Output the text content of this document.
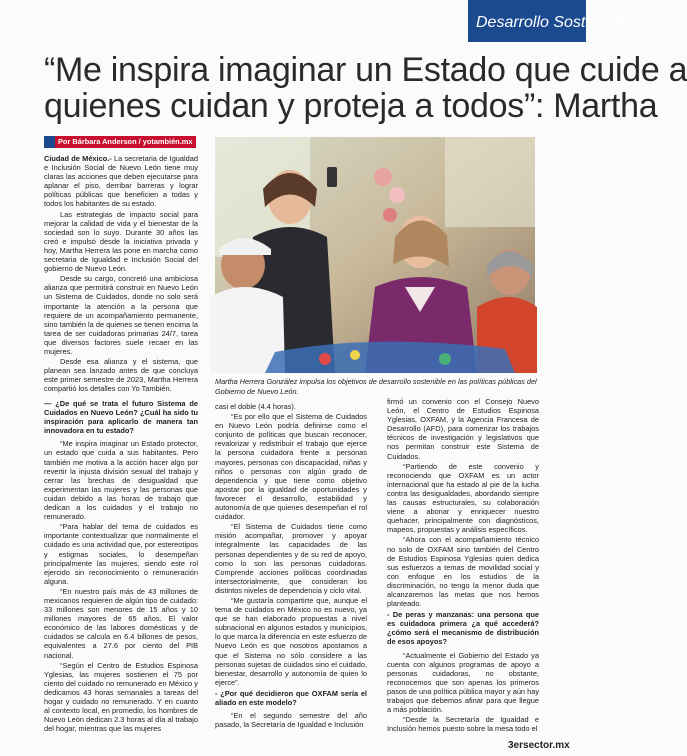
Desarrollo Sostenible
“Me inspira imaginar un Estado que cuide a
quienes cuidan y proteja a todos”: Martha
Por Bárbara Anderson / yotambién.mx

Ciudad de México.- La secretaria de Igualdad e Inclusión Social de Nuevo León tiene muy claras las acciones que deben ejecutarse para aplanar el piso, derribar barreras y lograr políticas públicas que beneficien a todas y todos los habitantes de su estado.

Las estrategias de impacto social para mejorar la calidad de vida y el bienestar de la sociedad son lo suyo. Durante 30 años las creó e impulsó desde la iniciativa privada y hoy, Martha Herrera las pone en marcha como secretaria de Igualdad e Inclusión Social del gobierno de Nuevo León.

Desde su cargo, concretó una ambiciosa alianza que permitirá construir en Nuevo León un Sistema de Cuidados, donde no solo será importante la atención a la persona que requiere de un acompañamiento permanente, sino también la de quienes se tienen encima la tarea de ser cuidadoras primarias 24/7, tarea que diversos factores suele recaer en las mujeres.

Desde esa alianza y el sistema, que planean sea lanzado antes de que concluya este primer semestre de 2023, Martha Herrera compartió los detalles con Yo También.

Martha Herrera González impulsa los objetivos de desarrollo sostenible en las políticas públicas del Gobierno de Nuevo León.

— ¿De qué se trata el futuro Sistema de Cuidados en Nuevo León? ¿Cuál ha sido tu inspiración para aplicarlo de manera tan innovadora en tu estado?

“Me inspira imaginar un Estado protector, un estado que cuida a sus habitantes. Pero también me motiva a la acción hacer algo por revertir la injusta división sexual del trabajo y cerrar las brechas de desigualdad que experimentan las mujeres y las personas que cuidan debido a las horas de trabajo que dedican a los cuidados y el trabajo no remunerado.

“Para hablar del tema de cuidados es importante contextualizar que normalmente el cuidado es una actividad que, por estereotipos y estigmas sociales, lo desempeñan principalmente las mujeres, siendo este rol ejercido sin reconocimiento o remuneración alguna.

“En nuestro país más de 43 millones de mexicanos requieren de algún tipo de cuidado: 33 millones son menores de 15 años y 10 millones mayores de 65 años. El valor económico de las labores domésticas y de cuidados se calcula en 6.4 billones de pesos, equivalentes a 27.6 por ciento del PIB nacional.

“Según el Centro de Estudios Espinosa Yglesias, las mujeres sostienen el 75 por ciento del cuidado no remunerado en México y dedicamos 43 horas semanales a tareas del hogar y cuidado no remunerado. Y en cuanto al contexto local, en promedio, los hombres de Nuevo León dedican 2.3 horas al día al trabajo del hogar, mientras que las mujeres

casi el doble (4.4 horas).

“Es por ello que el Sistema de Cuidados en Nuevo León podría definirse como el conjunto de políticas que buscan reconocer, revalorizar y redistribuir el trabajo que ejerce la persona cuidadora frente a personas mayores, personas con discapacidad, niñas y niños o personas con algún grado de dependencia y que tiene como objetivo apostar por la igualdad de oportunidades y favorecer el desarrollo, estabilidad y autonomía de que quienes desempeñan el rol cuidador.

“El Sistema de Cuidados tiene como misión acompañar, promover y apoyar integralmente las capacidades de las personas dependientes y de su red de apoyo, como lo son las personas cuidadoras. Comprende acciones políticas coordinadas intersectorialmente, que consideran los distintos niveles de dependencia y ciclo vital.

“Me gustaría compartirte que, aunque el tema de cuidados en México no es nuevo, ya que se han elaborado propuestas a nivel subnacional en algunos estados y municipios, lo que marca la diferencia en este esfuerzo de Nuevo León es que nosotros apostamos a que el Sistema no sólo considere a las personas sujetas de cuidados sino el cuidado, bienestar, desarrollo y autonomía de quien lo ejerce”.

- ¿Por qué decidieron que OXFAM sería el aliado en este modelo?

“En el segundo semestre del año pasado, la Secretaría de Igualdad e Inclusión

firmó un convenio con el Consejo Nuevo León, el Centro de Estudios Espinosa Yglesias, OXFAM, y la Agencia Francesa de Desarrollo (AFD), para comenzar los trabajos técnicos de investigación y legislativos que nos permitan construir este Sistema de Cuidados.

“Partiendo de este convenio y reconociendo que OXFAM es un actor internacional que ha estado al pie de la lucha contra las desigualdades, abordando siempre las causas estructurales, su colaboración viene a abonar y enriquecer nuestro quehacer, principalmente con diagnósticos, mapeos, propuestas y análisis específicos.

“Ahora con el acompañamiento técnico no solo de OXFAM sino también del Centro de Estudios Espinosa Yglesias quien dedica sus esfuerzos a temas de movilidad social y con enfoque en los estudios de la discriminación, no tengo la menor duda que alcanzaremos las metas que nos hemos planteado.

- De peras y manzanas: una persona que es cuidadora primera ¿a qué accederá? ¿cómo será el mecanismo de distribución de esos apoyos?

“Actualmente el Gobierno del Estado ya cuenta con algunos programas de apoyo a personas cuidadoras, no obstante, reconocemos que son apenas los primeros pasos de una política pública mayor y aún hay trabajos que debemos afinar para que llegue a más población.

“Desde la Secretaría de Igualdad e Inclusión hemos puesto sobre la mesa todo el

3ersector.mx
